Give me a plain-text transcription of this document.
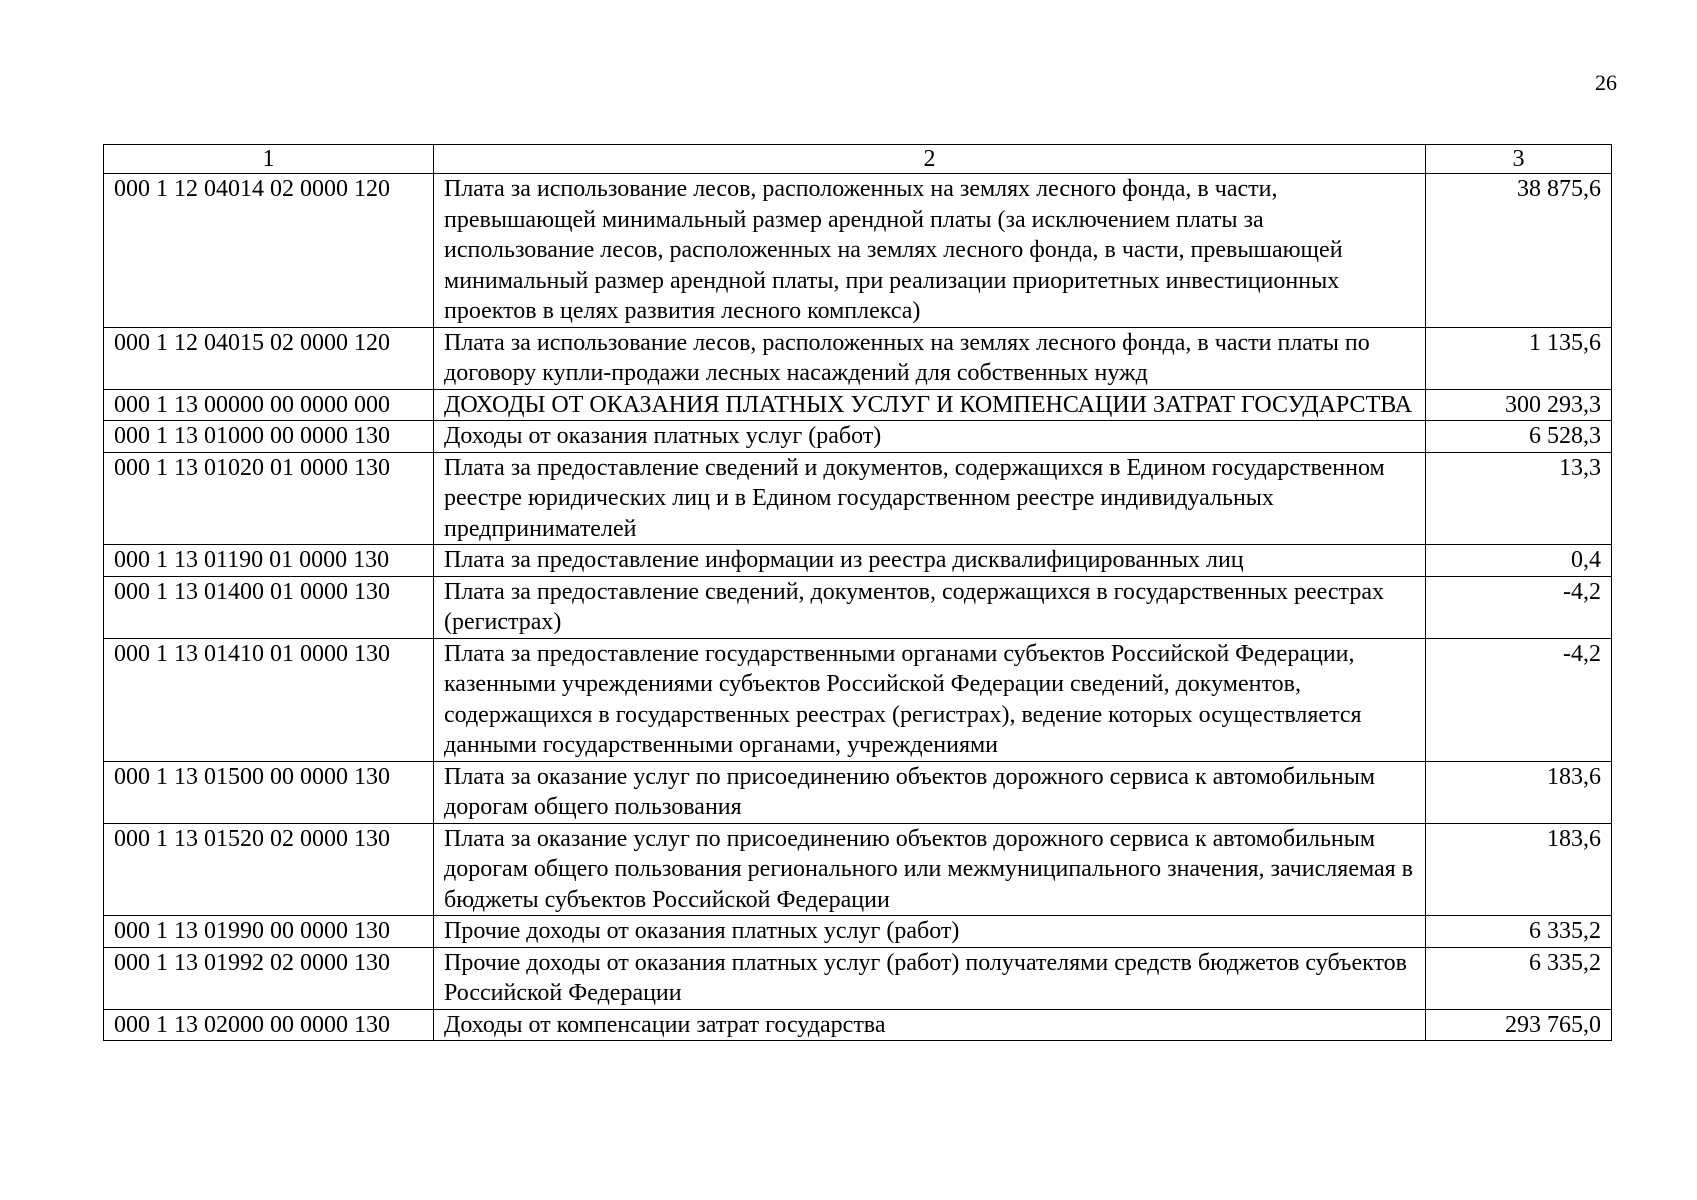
26
1	2	3
000 1 12 04014 02 0000 120	Плата за использование лесов, расположенных на землях лесного фонда, в части, превышающей минимальный размер арендной платы (за исключением платы за использование лесов, расположенных на землях лесного фонда, в части, превышающей минимальный размер арендной платы, при реализации приоритетных инвестиционных проектов в целях развития лесного комплекса)	38 875,6
000 1 12 04015 02 0000 120	Плата за использование лесов, расположенных на землях лесного фонда, в части платы по договору купли-продажи лесных насаждений для собственных нужд	1 135,6
000 1 13 00000 00 0000 000	ДОХОДЫ ОТ ОКАЗАНИЯ ПЛАТНЫХ УСЛУГ И КОМПЕНСАЦИИ ЗАТРАТ ГОСУДАРСТВА	300 293,3
000 1 13 01000 00 0000 130	Доходы от оказания платных услуг (работ)	6 528,3
000 1 13 01020 01 0000 130	Плата за предоставление сведений и документов, содержащихся в Едином государственном реестре юридических лиц и в Едином государственном реестре индивидуальных предпринимателей	13,3
000 1 13 01190 01 0000 130	Плата за предоставление информации из реестра дисквалифицированных лиц	0,4
000 1 13 01400 01 0000 130	Плата за предоставление сведений, документов, содержащихся в государственных реестрах (регистрах)	-4,2
000 1 13 01410 01 0000 130	Плата за предоставление государственными органами субъектов Российской Федерации, казенными учреждениями субъектов Российской Федерации сведений, документов, содержащихся в государственных реестрах (регистрах), ведение которых осуществляется данными государственными органами, учреждениями	-4,2
000 1 13 01500 00 0000 130	Плата за оказание услуг по присоединению объектов дорожного сервиса к автомобильным дорогам общего пользования	183,6
000 1 13 01520 02 0000 130	Плата за оказание услуг по присоединению объектов дорожного сервиса к автомобильным дорогам общего пользования регионального или межмуниципального значения, зачисляемая в бюджеты субъектов Российской Федерации	183,6
000 1 13 01990 00 0000 130	Прочие доходы от оказания платных услуг (работ)	6 335,2
000 1 13 01992 02 0000 130	Прочие доходы от оказания платных услуг (работ) получателями средств бюджетов субъектов Российской Федерации	6 335,2
000 1 13 02000 00 0000 130	Доходы от компенсации затрат государства	293 765,0
